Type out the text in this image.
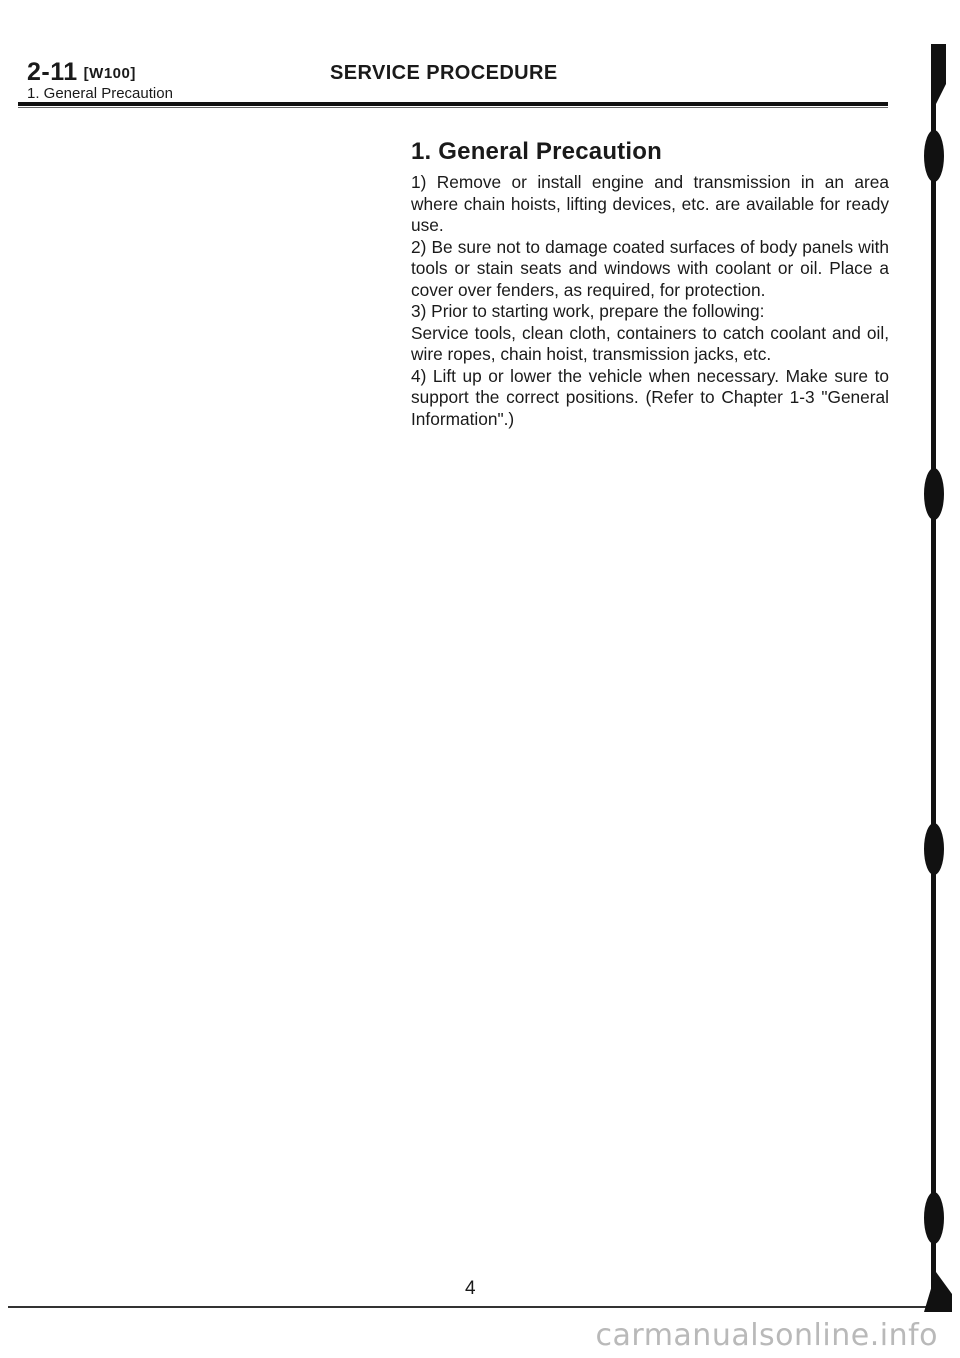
2-11 [W100]
1. General Precaution
SERVICE PROCEDURE
1. General Precaution

1) Remove or install engine and transmission in an area where chain hoists, lifting devices, etc. are available for ready use.

2) Be sure not to damage coated surfaces of body panels with tools or stain seats and windows with coolant or oil. Place a cover over fenders, as required, for protection.

3) Prior to starting work, prepare the following:

Service tools, clean cloth, containers to catch coolant and oil, wire ropes, chain hoist, transmission jacks, etc.

4) Lift up or lower the vehicle when necessary. Make sure to support the correct positions. (Refer to Chapter 1-3 "General Information".)

4
carmanualsonline.info
